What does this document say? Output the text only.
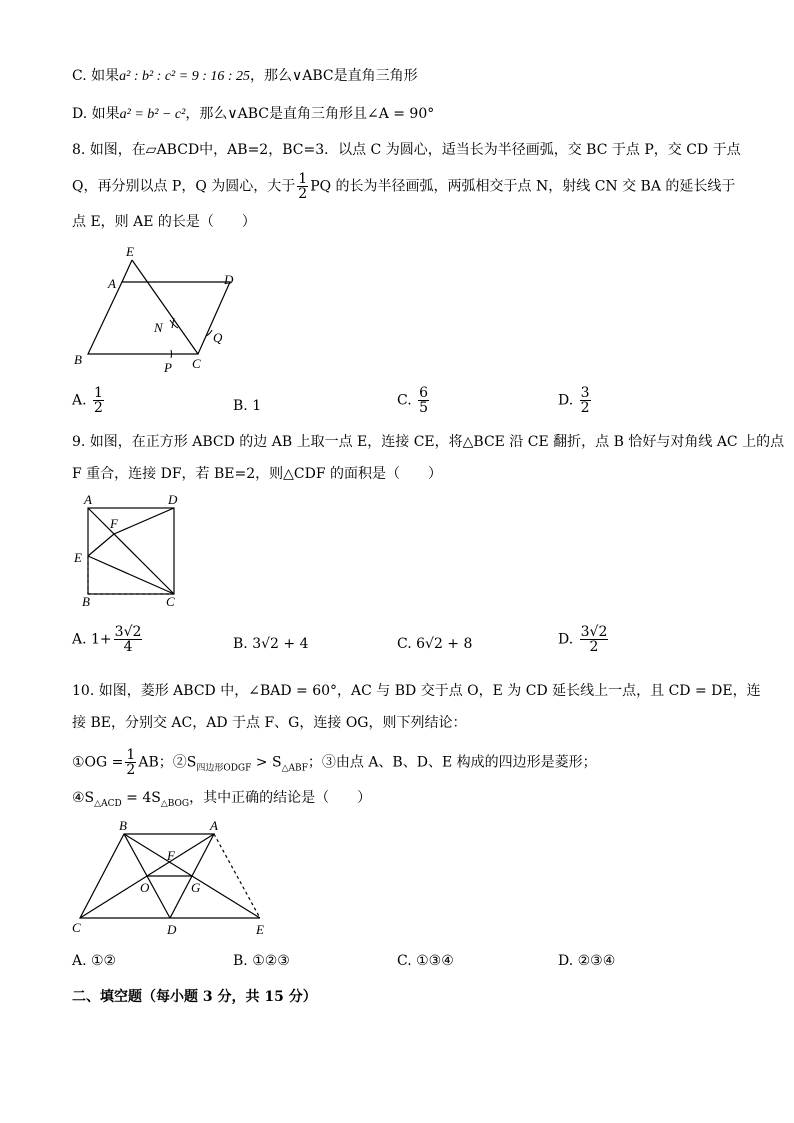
C. 如果a² : b² : c² = 9 : 16 : 25，那么∨ABC是直角三角形
D. 如果a² = b² − c²，那么∨ABC是直角三角形且∠A = 90°
8. 如图，在▱ABCD中，AB=2，BC=3．以点 C 为圆心，适当长为半径画弧，交 BC 于点 P，交 CD 于点
Q，再分别以点 P，Q 为圆心，大于 $\frac{1}{2}$ PQ 的长为半径画弧，两弧相交于点 N，射线 CN 交 BA 的延长线于
点 E，则 AE 的长是（　　）
E
A	D
N
Q
B
P C
A. $\frac{1}{2}$	B. 1	C. $\frac{6}{5}$	D. $\frac{3}{2}$
9. 如图，在正方形 ABCD 的边 AB 上取一点 E，连接 CE，将△BCE 沿 CE 翻折，点 B 恰好与对角线 AC 上的点
F 重合，连接 DF，若 BE=2，则△CDF 的面积是（　　）
A	D
F
E
B	C
A. $1+ \frac{3√2}{4}$	B. 3√2 + 4	C. 6√2 + 8	D. $\frac{3√2}{2}$
10. 如图，菱形 ABCD 中，∠BAD = 60°，AC 与 BD 交于点 O，E 为 CD 延长线上一点，且 CD = DE，连
接 BE，分别交 AC，AD 于点 F、G，连接 OG，则下列结论：
①OG = $\frac{1}{2}$ AB；$②S_{四边形ODGF} > S_{\triangle ABF}$；③由点 A、B、D、E 构成的四边形是菱形；
$④S_{\triangle ACD} = 4S_{\triangle BOG}$，其中正确的结论是（　　）
B	A
F
O	G
C	D	E
A. ①②	B. ①②③	C. ①③④	D. ②③④
二、填空题（每小题 3 分，共 15 分）
